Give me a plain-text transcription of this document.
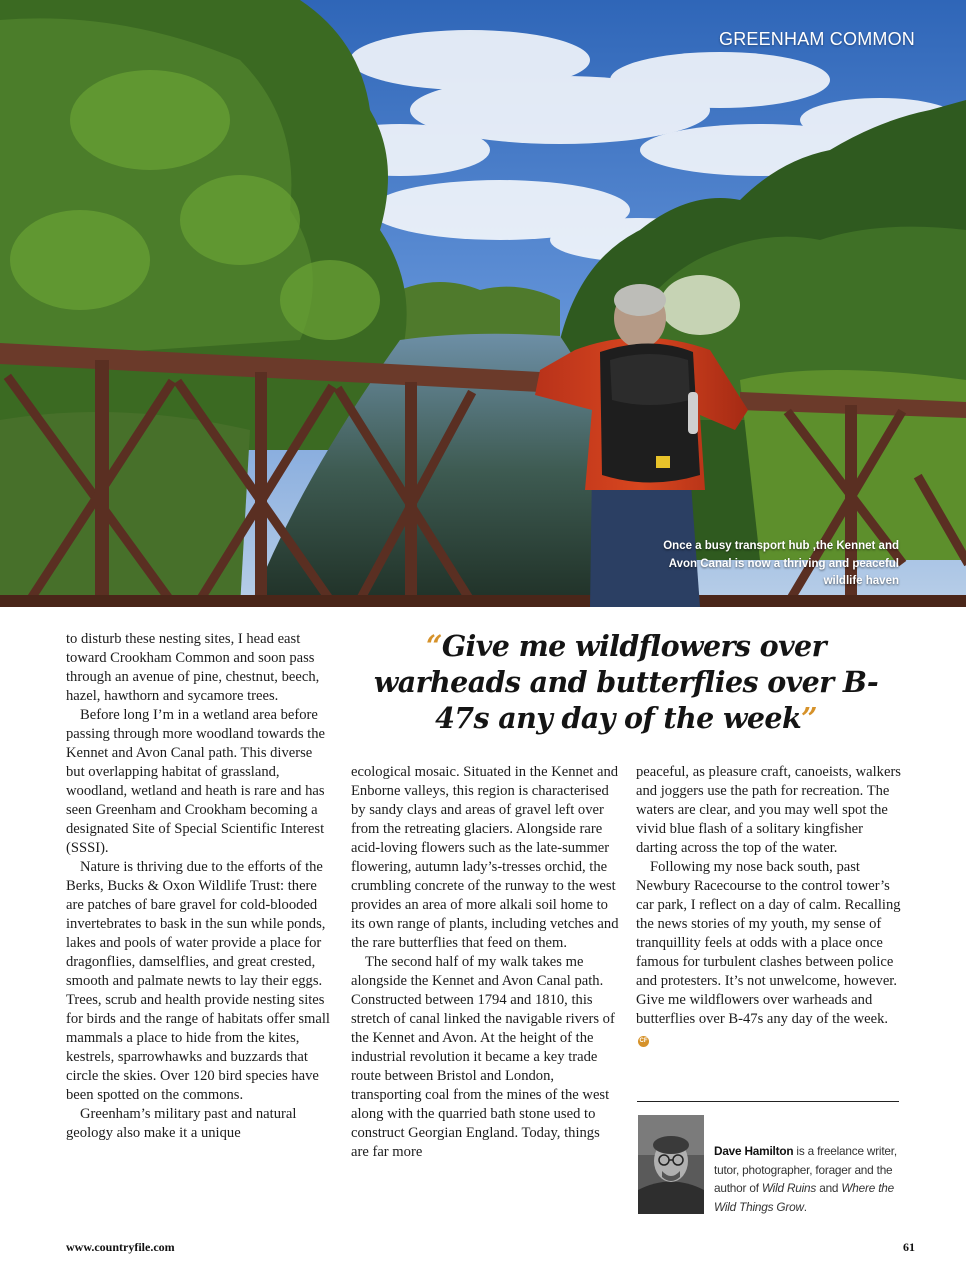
GREENHAM COMMON
Once a busy transport hub ,the Kennet and Avon Canal is now a thriving and peaceful wildlife haven

to disturb these nesting sites, I head east toward Crookham Common and soon pass through an avenue of pine, chestnut, beech, hazel, hawthorn and sycamore trees.

Before long I’m in a wetland area before passing through more woodland towards the Kennet and Avon Canal path. This diverse but overlapping habitat of grassland, woodland, wetland and heath is rare and has seen Greenham and Crookham becoming a designated Site of Special Scientific Interest (SSSI).

Nature is thriving due to the efforts of the Berks, Bucks & Oxon Wildlife Trust: there are patches of bare gravel for cold-blooded invertebrates to bask in the sun while ponds, lakes and pools of water provide a place for dragonflies, damselflies, and great crested, smooth and palmate newts to lay their eggs. Trees, scrub and health provide nesting sites for birds and the range of habitats offer small mammals a place to hide from the kites, kestrels, sparrowhawks and buzzards that circle the skies. Over 120 bird species have been spotted on the commons.

Greenham’s military past and natural geology also make it a unique

“Give me wildflowers over warheads and butterflies over B-47s any day of the week”

ecological mosaic. Situated in the Kennet and Enborne valleys, this region is characterised by sandy clays and areas of gravel left over from the retreating glaciers. Alongside rare acid-loving flowers such as the late-summer flowering, autumn lady’s-tresses orchid, the crumbling concrete of the runway to the west provides an area of more alkali soil home to its own range of plants, including vetches and the rare butterflies that feed on them.

The second half of my walk takes me alongside the Kennet and Avon Canal path. Constructed between 1794 and 1810, this stretch of canal linked the navigable rivers of the Kennet and Avon. At the height of the industrial revolution it became a key trade route between Bristol and London, transporting coal from the mines of the west along with the quarried bath stone used to construct Georgian England. Today, things are far more

peaceful, as pleasure craft, canoeists, walkers and joggers use the path for recreation. The waters are clear, and you may well spot the vivid blue flash of a solitary kingfisher darting across the top of the water.

Following my nose back south, past Newbury Racecourse to the control tower’s car park, I reflect on a day of calm. Recalling the news stories of my youth, my sense of tranquillity feels at odds with a place once famous for turbulent clashes between police and protesters. It’s not unwelcome, however. Give me wildflowers over warheads and butterflies over B-47s any day of the week. CF

Dave Hamilton is a freelance writer, tutor, photographer, forager and the author of Wild Ruins and Where the Wild Things Grow.
www.countryfile.com	61
